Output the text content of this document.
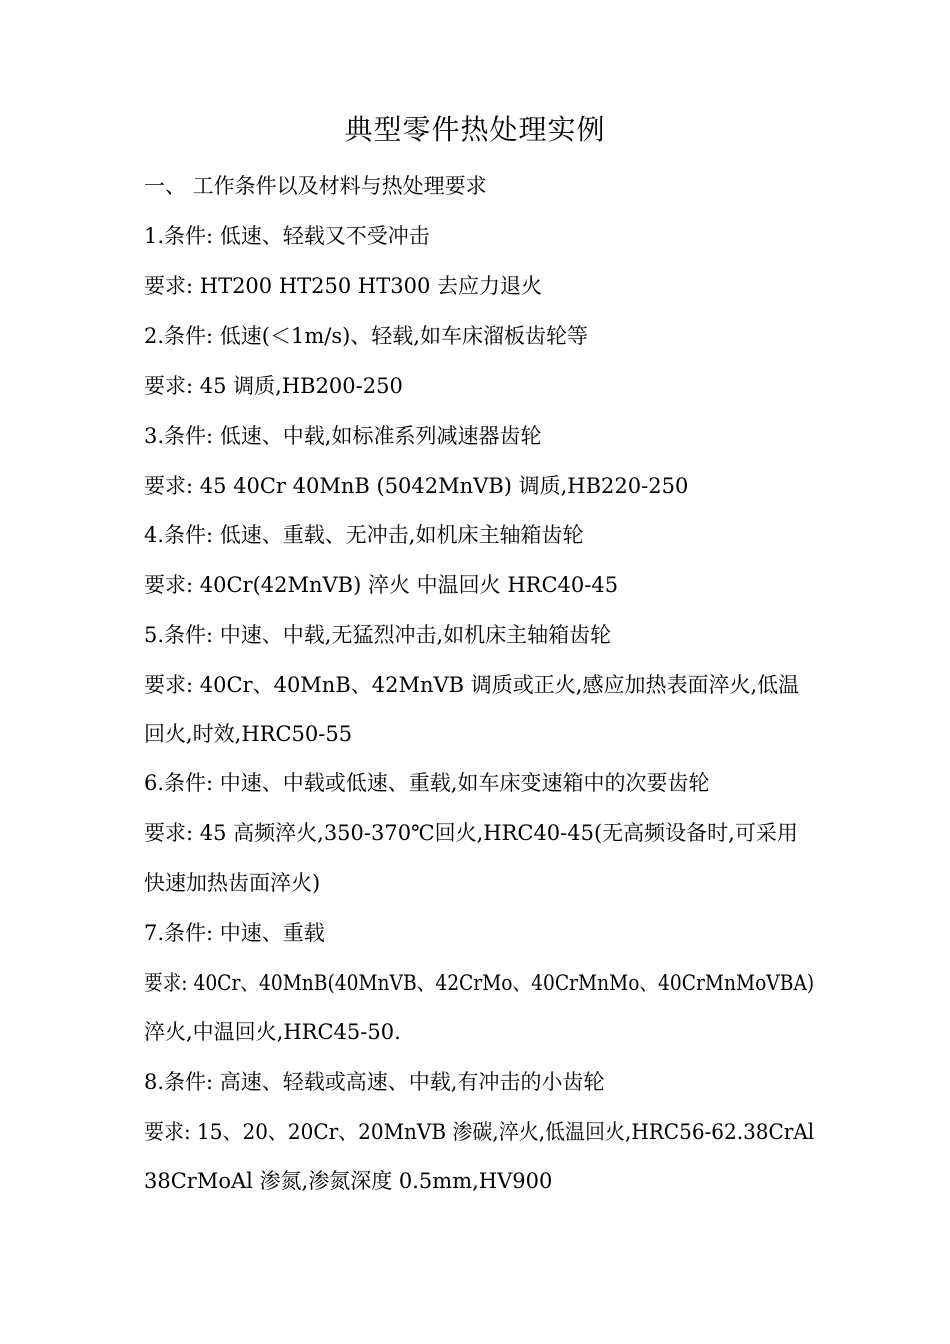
典型零件热处理实例
一、 工作条件以及材料与热处理要求
1.条件: 低速、轻载又不受冲击
要求: HT200 HT250 HT300 去应力退火
2.条件: 低速(＜1m/s)、轻载,如车床溜板齿轮等
要求: 45 调质,HB200-250
3.条件: 低速、中载,如标准系列减速器齿轮
要求: 45 40Cr 40MnB (5042MnVB) 调质,HB220-250
4.条件: 低速、重载、无冲击,如机床主轴箱齿轮
要求: 40Cr(42MnVB) 淬火 中温回火 HRC40-45
5.条件: 中速、中载,无猛烈冲击,如机床主轴箱齿轮
要求: 40Cr、40MnB、42MnVB 调质或正火,感应加热表面淬火,低温
回火,时效,HRC50-55
6.条件: 中速、中载或低速、重载,如车床变速箱中的次要齿轮
要求: 45 高频淬火,350-370℃回火,HRC40-45(无高频设备时,可采用
快速加热齿面淬火)
7.条件: 中速、重载
要求: 40Cr、40MnB(40MnVB、42CrMo、40CrMnMo、40CrMnMoVBA)
淬火,中温回火,HRC45-50.
8.条件: 高速、轻载或高速、中载,有冲击的小齿轮
要求: 15、20、20Cr、20MnVB 渗碳,淬火,低温回火,HRC56-62.38CrAl
38CrMoAl 渗氮,渗氮深度 0.5mm,HV900
